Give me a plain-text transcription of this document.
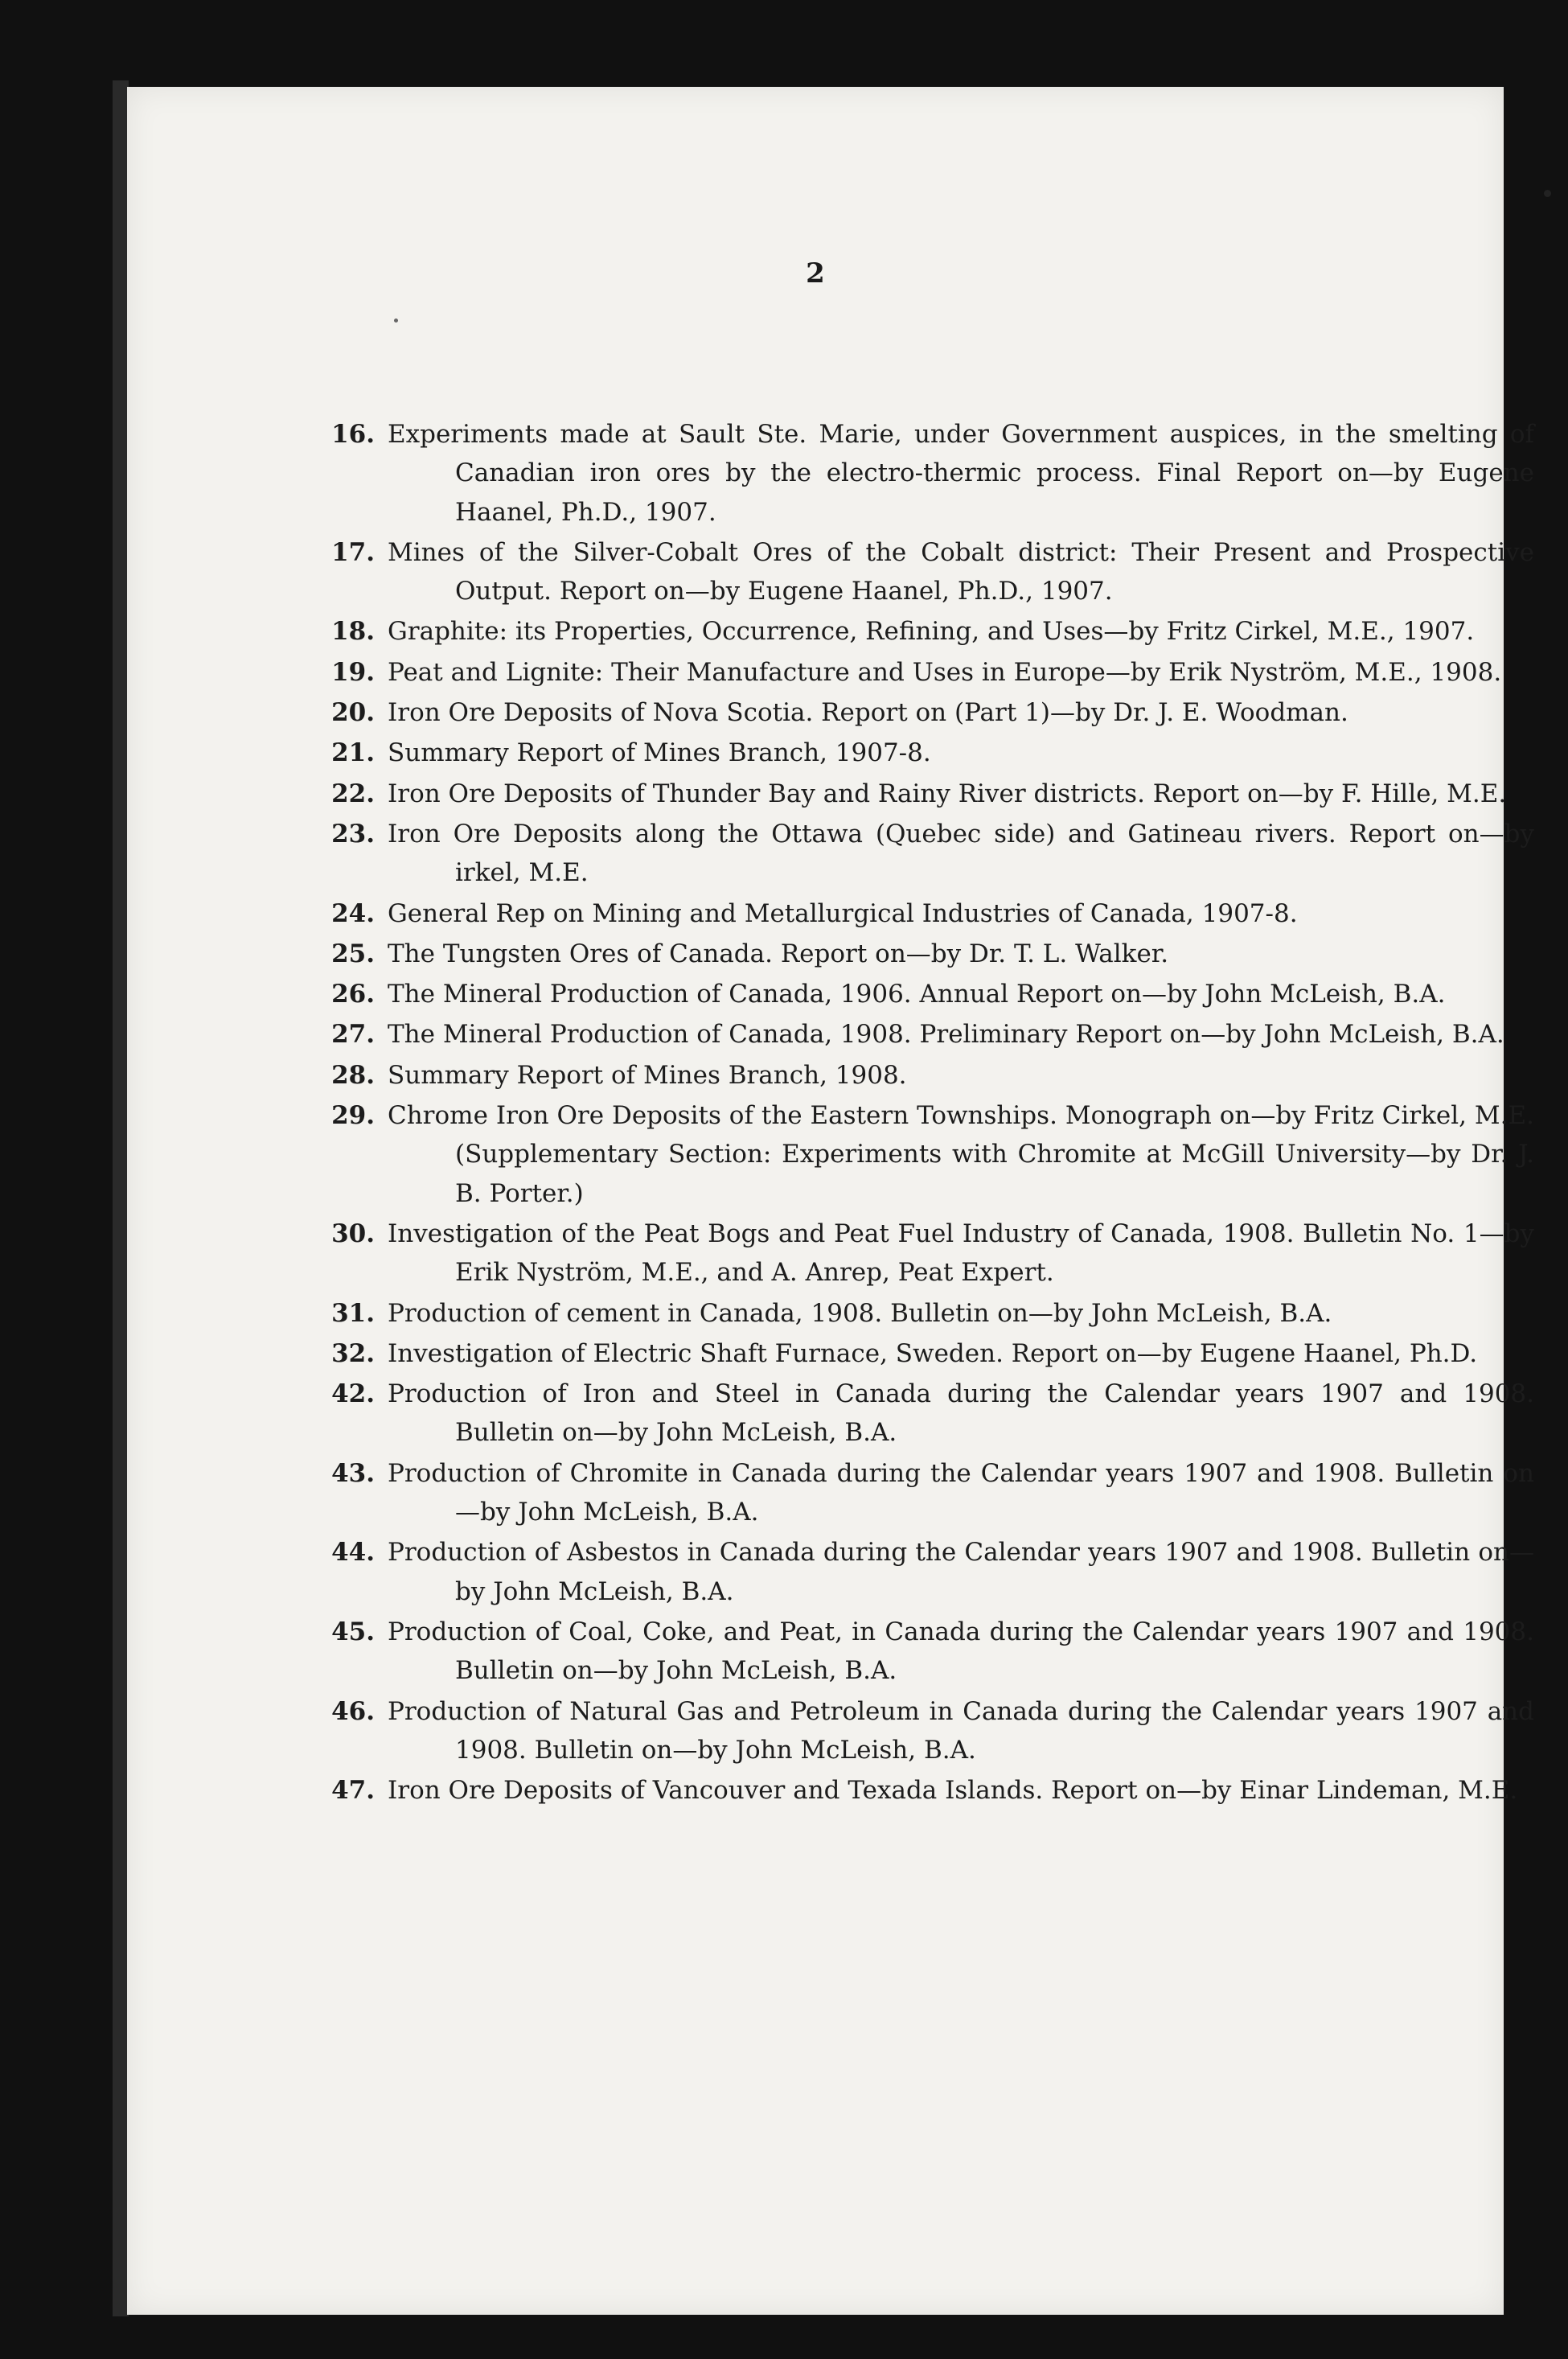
2
16. Experiments made at Sault Ste. Marie, under Government auspices, in the smelting of Canadian iron ores by the electro-thermic process. Final Report on—by Eugene Haanel, Ph.D., 1907.
17. Mines of the Silver-Cobalt Ores of the Cobalt district: Their Present and Prospective Output. Report on—by Eugene Haanel, Ph.D., 1907.
18. Graphite: its Properties, Occurrence, Refining, and Uses—by Fritz Cirkel, M.E., 1907.
19. Peat and Lignite: Their Manufacture and Uses in Europe—by Erik Nyström, M.E., 1908.
20. Iron Ore Deposits of Nova Scotia. Report on (Part 1)—by Dr. J. E. Woodman.
21. Summary Report of Mines Branch, 1907-8.
22. Iron Ore Deposits of Thunder Bay and Rainy River districts. Report on—by F. Hille, M.E.
23. Iron Ore Deposits along the Ottawa (Quebec side) and Gatineau rivers. Report on—by irkel, M.E.
24. General Rep on Mining and Metallurgical Industries of Canada, 1907-8.
25. The Tungsten Ores of Canada. Report on—by Dr. T. L. Walker.
26. The Mineral Production of Canada, 1906. Annual Report on—by John McLeish, B.A.
27. The Mineral Production of Canada, 1908. Preliminary Report on—by John McLeish, B.A.
28. Summary Report of Mines Branch, 1908.
29. Chrome Iron Ore Deposits of the Eastern Townships. Monograph on—by Fritz Cirkel, M.E. (Supplementary Section: Experiments with Chromite at McGill University—by Dr. J. B. Porter.)
30. Investigation of the Peat Bogs and Peat Fuel Industry of Canada, 1908. Bulletin No. 1—by Erik Nyström, M.E., and A. Anrep, Peat Expert.
31. Production of cement in Canada, 1908. Bulletin on—by John McLeish, B.A.
32. Investigation of Electric Shaft Furnace, Sweden. Report on—by Eugene Haanel, Ph.D.
42. Production of Iron and Steel in Canada during the Calendar years 1907 and 1908. Bulletin on—by John McLeish, B.A.
43. Production of Chromite in Canada during the Calendar years 1907 and 1908. Bulletin on—by John McLeish, B.A.
44. Production of Asbestos in Canada during the Calendar years 1907 and 1908. Bulletin on—by John McLeish, B.A.
45. Production of Coal, Coke, and Peat, in Canada during the Calendar years 1907 and 1908. Bulletin on—by John McLeish, B.A.
46. Production of Natural Gas and Petroleum in Canada during the Calendar years 1907 and 1908. Bulletin on—by John McLeish, B.A.
47. Iron Ore Deposits of Vancouver and Texada Islands. Report on—by Einar Lindeman, M.E.
